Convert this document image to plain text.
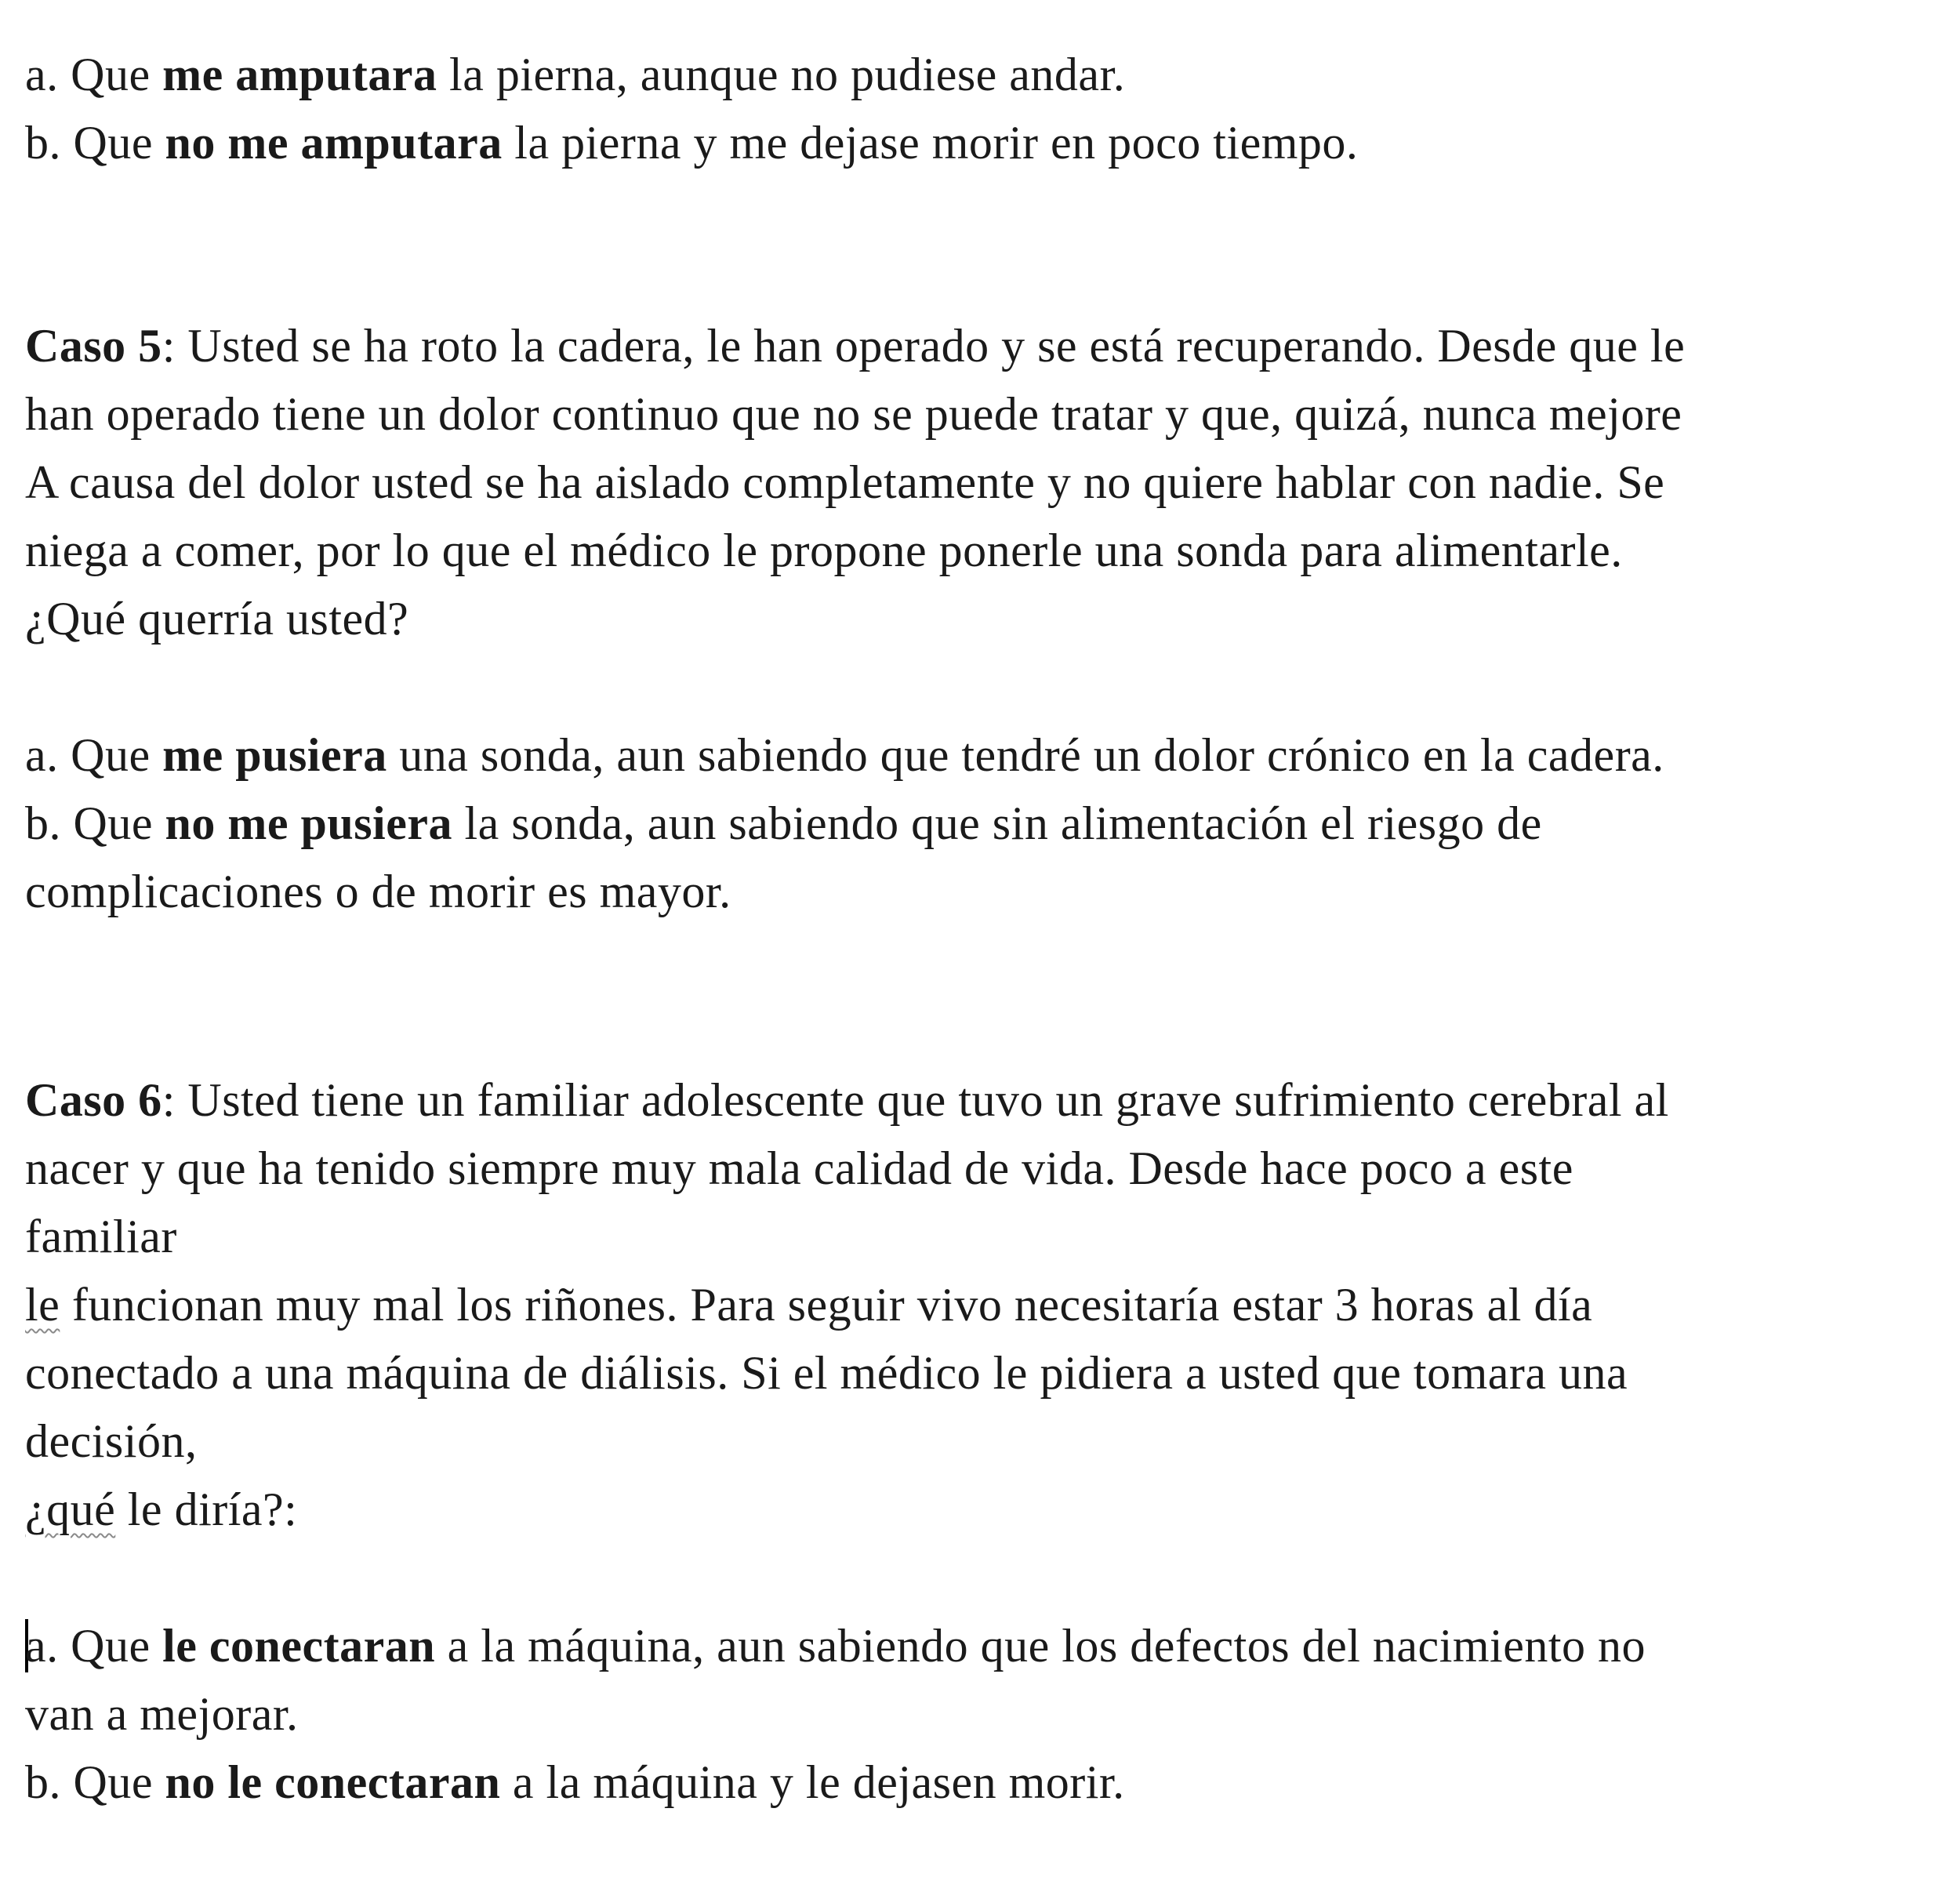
a. Que me amputara la pierna, aunque no pudiese andar.
b. Que no me amputara la pierna y me dejase morir en poco tiempo.
Caso 5: Usted se ha roto la cadera, le han operado y se está recuperando. Desde que le
han operado tiene un dolor continuo que no se puede tratar y que, quizá, nunca mejore
A causa del dolor usted se ha aislado completamente y no quiere hablar con nadie. Se
niega a comer, por lo que el médico le propone ponerle una sonda para alimentarle.
¿Qué querría usted?
a. Que me pusiera una sonda, aun sabiendo que tendré un dolor crónico en la cadera.
b. Que no me pusiera la sonda, aun sabiendo que sin alimentación el riesgo de
complicaciones o de morir es mayor.
Caso 6: Usted tiene un familiar adolescente que tuvo un grave sufrimiento cerebral al
nacer y que ha tenido siempre muy mala calidad de vida. Desde hace poco a este
familiar
le funcionan muy mal los riñones. Para seguir vivo necesitaría estar 3 horas al día
conectado a una máquina de diálisis. Si el médico le pidiera a usted que tomara una
decisión,
¿qué le diría?:
a. Que le conectaran a la máquina, aun sabiendo que los defectos del nacimiento no
van a mejorar.
b. Que no le conectaran a la máquina y le dejasen morir.
